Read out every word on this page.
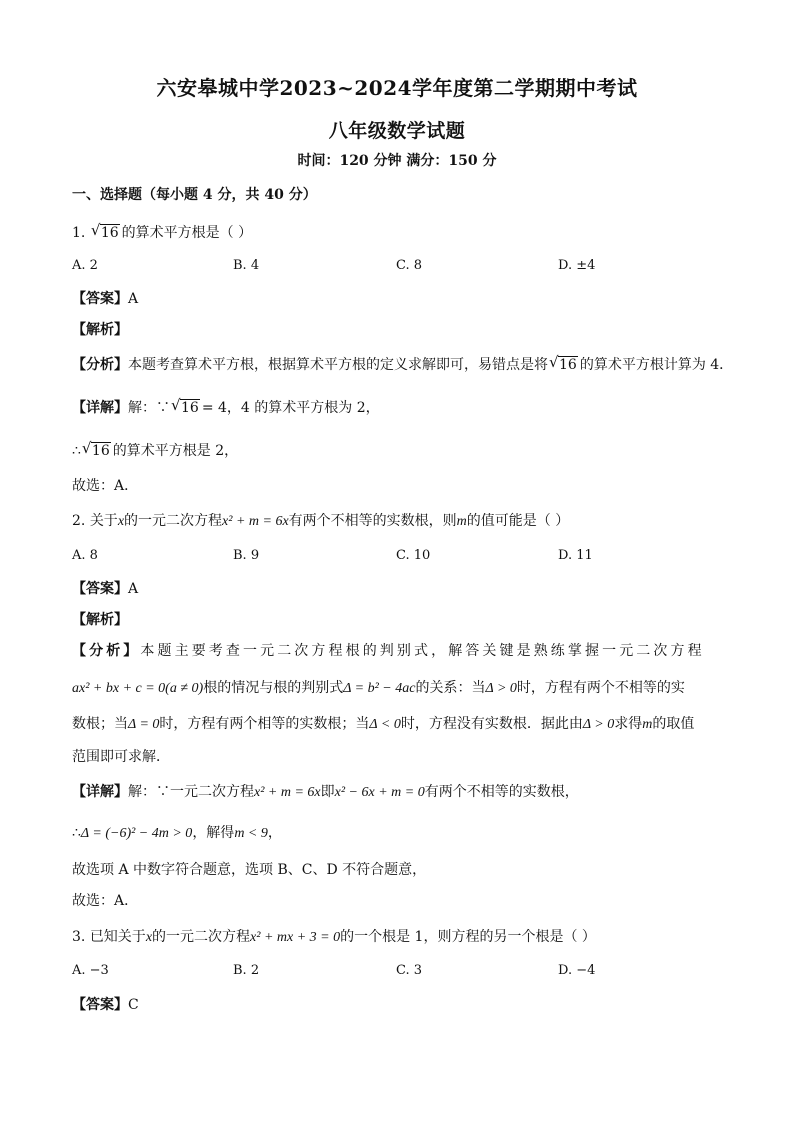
六安皋城中学2023~2024学年度第二学期期中考试
八年级数学试题
时间：120 分钟 满分：150 分
一、选择题（每小题 4 分，共 40 分）
1. √ 16 的算术平方根是（ ）
A. 2	B. 4	C. 8	D. ±4
【答案】A
【解析】
【分析】本题考查算术平方根，根据算术平方根的定义求解即可，易错点是将 √ 16 的算术平方根计算为 4．
【详解】解：∵ √ 16 = 4，4 的算术平方根为 2，
∴ √ 16 的算术平方根是 2，
故选：A．
2. 关于x的一元二次方程x² + m = 6x有两个不相等的实数根，则m的值可能是（ ）
A. 8	B. 9	C. 10	D. 11
【答案】A
【解析】
【分析】本题主要考查一元二次方程根的判别式，解答关键是熟练掌握一元二次方程
ax² + bx + c = 0(a ≠ 0)根的情况与根的判别式Δ = b² − 4ac的关系：当Δ > 0时，方程有两个不相等的实
数根；当Δ = 0时，方程有两个相等的实数根；当Δ < 0时，方程没有实数根．据此由Δ > 0求得m的取值
范围即可求解．
【详解】解：∵一元二次方程x² + m = 6x即x² − 6x + m = 0有两个不相等的实数根，
∴Δ = (−6)² − 4m > 0，解得m < 9，
故选项 A 中数字符合题意，选项 B、C、D 不符合题意，
故选：A．
3. 已知关于x的一元二次方程x² + mx + 3 = 0的一个根是 1，则方程的另一个根是（ ）
A. −3	B. 2	C. 3	D. −4
【答案】C
